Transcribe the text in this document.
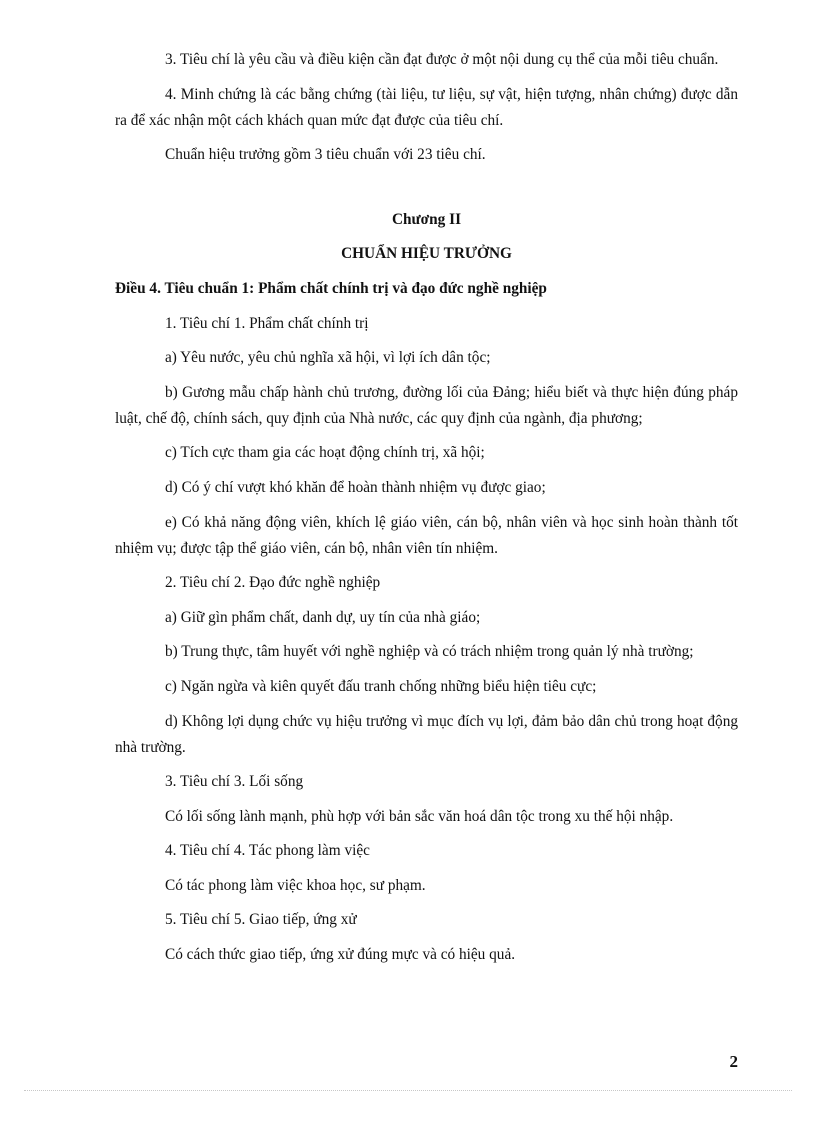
3. Tiêu chí là yêu cầu và điều kiện cần đạt được ở một nội dung cụ thể của mỗi tiêu chuẩn.

4. Minh chứng là các bằng chứng (tài liệu, tư liệu, sự vật, hiện tượng, nhân chứng) được dẫn ra để xác nhận một cách khách quan mức đạt được của tiêu chí.

Chuẩn hiệu trưởng gồm 3 tiêu chuẩn với 23 tiêu chí.

Chương II

CHUẨN HIỆU TRƯỞNG

Điều 4. Tiêu chuẩn 1: Phẩm chất chính trị và đạo đức nghề nghiệp

1. Tiêu chí 1. Phẩm chất chính trị

a) Yêu nước, yêu chủ nghĩa xã hội, vì lợi ích dân tộc;

b) Gương mẫu chấp hành chủ trương, đường lối của Đảng; hiểu biết và thực hiện đúng pháp luật, chế độ, chính sách, quy định của Nhà nước, các quy định của ngành, địa phương;

c) Tích cực tham gia các hoạt động chính trị, xã hội;

d) Có ý chí vượt khó khăn để hoàn thành nhiệm vụ được giao;

e) Có khả năng động viên, khích lệ giáo viên, cán bộ, nhân viên và học sinh hoàn thành tốt nhiệm vụ; được tập thể giáo viên, cán bộ, nhân viên tín nhiệm.

2. Tiêu chí 2. Đạo đức nghề nghiệp

a) Giữ gìn phẩm chất, danh dự, uy tín của nhà giáo;

b) Trung thực, tâm huyết với nghề nghiệp và có trách nhiệm trong quản lý nhà trường;

c) Ngăn ngừa và kiên quyết đấu tranh chống những biểu hiện tiêu cực;

d) Không lợi dụng chức vụ hiệu trưởng vì mục đích vụ lợi, đảm bảo dân chủ trong hoạt động nhà trường.

3. Tiêu chí 3. Lối sống

Có lối sống lành mạnh, phù hợp với bản sắc văn hoá dân tộc trong xu thế hội nhập.

4. Tiêu chí 4. Tác phong làm việc

Có tác phong làm việc khoa học, sư phạm.

5. Tiêu chí 5. Giao tiếp, ứng xử

Có cách thức giao tiếp, ứng xử đúng mực và có hiệu quả.

2
